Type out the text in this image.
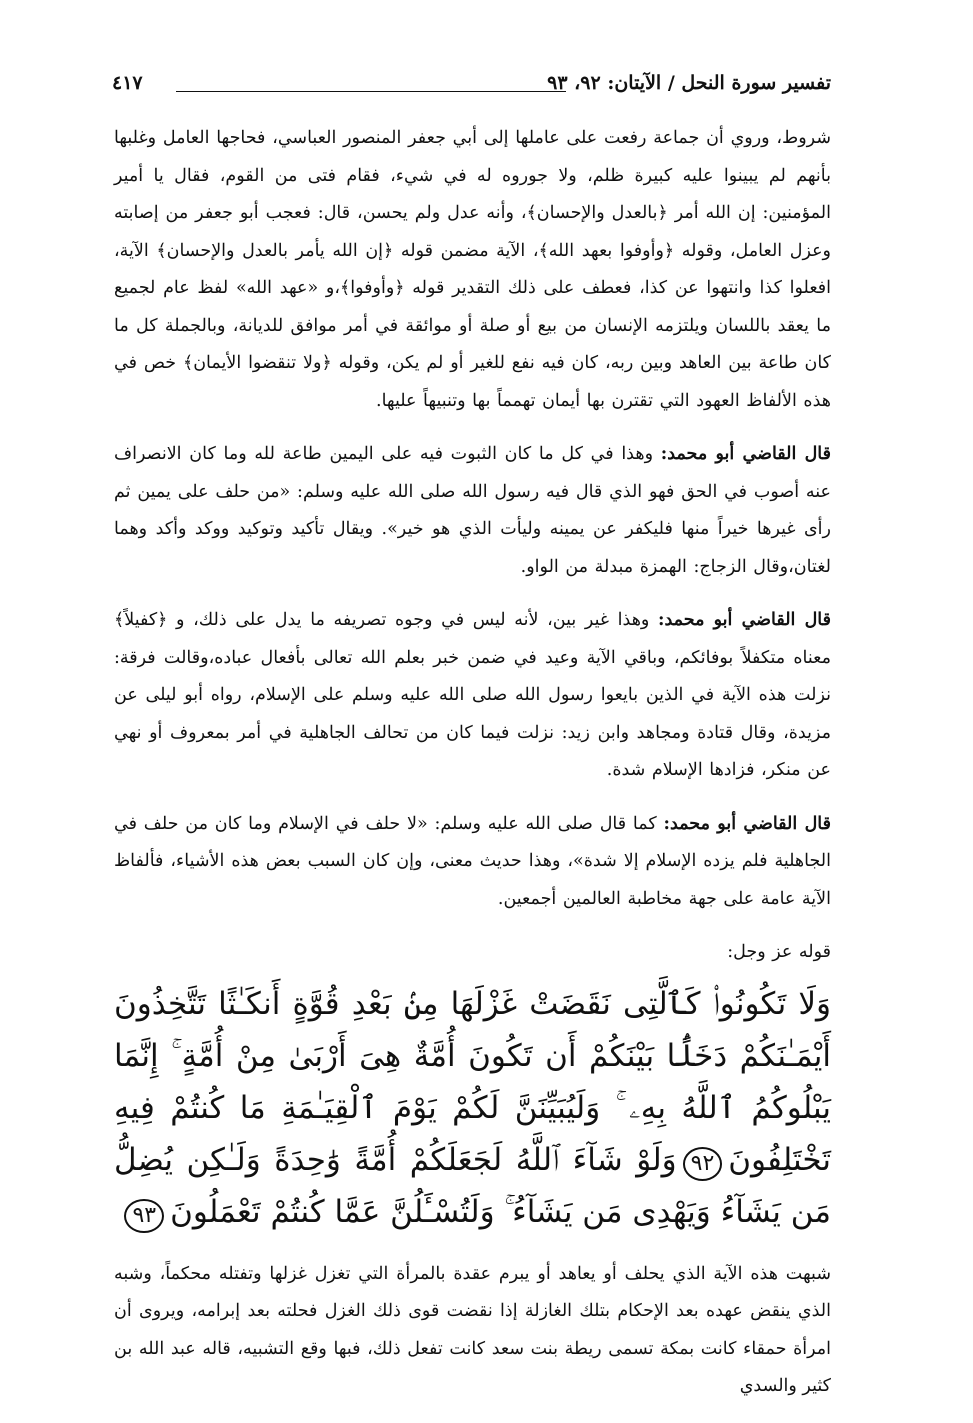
تفسير سورة النحل / الآيتان: ٩٢، ٩٣
٤١٧

شروط، وروي أن جماعة رفعت على عاملها إلى أبي جعفر المنصور العباسي، فحاجها العامل وغلبها بأنهم لم يبينوا عليه كبيرة ظلم، ولا جوروه له في شيء، فقام فتى من القوم، فقال يا أمير المؤمنين: إن الله أمر ﴿بالعدل والإحسان﴾، وأنه عدل ولم يحسن، قال: فعجب أبو جعفر من إصابته وعزل العامل، وقوله ﴿وأوفوا بعهد الله﴾، الآية مضمن قوله ﴿إن الله يأمر بالعدل والإحسان﴾ الآية، افعلوا كذا وانتهوا عن كذا، فعطف على ذلك التقدير قوله ﴿وأوفوا﴾،و «عهد الله» لفظ عام لجميع ما يعقد باللسان ويلتزمه الإنسان من بيع أو صلة أو موائقة في أمر موافق للديانة، وبالجملة كل ما كان طاعة بين العاهد وبين ربه، كان فيه نفع للغير أو لم يكن، وقوله ﴿ولا تنقضوا الأيمان﴾ خص في هذه الألفاظ العهود التي تقترن بها أيمان تهمماً بها وتنبيهاً عليها.

قال القاضي أبو محمد: وهذا في كل ما كان الثبوت فيه على اليمين طاعة لله وما كان الانصراف عنه أصوب في الحق فهو الذي قال فيه رسول الله صلى الله عليه وسلم: «من حلف على يمين ثم رأى غيرها خيراً منها فليكفر عن يمينه وليأت الذي هو خير». ويقال تأكيد وتوكيد ووكد وأكد وهما لغتان،وقال الزجاج: الهمزة مبدلة من الواو.

قال القاضي أبو محمد: وهذا غير بين، لأنه ليس في وجوه تصريفه ما يدل على ذلك، و ﴿كفيلاً﴾ معناه متكفلاً بوفائكم، وباقي الآية وعيد في ضمن خبر بعلم الله تعالى بأفعال عباده،وقالت فرقة: نزلت هذه الآية في الذين بايعوا رسول الله صلى الله عليه وسلم على الإسلام، رواه أبو ليلى عن مزيدة، وقال قتادة ومجاهد وابن زيد: نزلت فيما كان من تحالف الجاهلية في أمر بمعروف أو نهي عن منكر، فزادها الإسلام شدة.

قال القاضي أبو محمد: كما قال صلى الله عليه وسلم: «لا حلف في الإسلام وما كان من حلف في الجاهلية فلم يزده الإسلام إلا شدة»، وهذا حديث معنى، وإن كان السبب بعض هذه الأشياء، فألفاظ الآية عامة على جهة مخاطبة العالمين أجمعين.

قوله عز وجل:

وَلَا تَكُونُوا۟ كَٱلَّتِى نَقَضَتْ غَزْلَهَا مِنۢ بَعْدِ قُوَّةٍ أَنكَـٰثًا تَتَّخِذُونَ أَيْمَـٰنَكُمْ دَخَلًۢا بَيْنَكُمْ أَن تَكُونَ أُمَّةٌ هِىَ أَرْبَىٰ مِنْ أُمَّةٍ ۚ إِنَّمَا يَبْلُوكُمُ ٱللَّهُ بِهِۦ ۚ وَلَيُبَيِّنَنَّ لَكُمْ يَوْمَ ٱلْقِيَـٰمَةِ مَا كُنتُمْ فِيهِ تَخْتَلِفُونَ٩٢وَلَوْ شَآءَ ٱللَّهُ لَجَعَلَكُمْ أُمَّةً وَٰحِدَةً وَلَـٰكِن يُضِلُّ مَن يَشَآءُ وَيَهْدِى مَن يَشَآءُ ۚ وَلَتُسْـَٔلُنَّ عَمَّا كُنتُمْ تَعْمَلُونَ٩٣

شبهت هذه الآية الذي يحلف أو يعاهد أو يبرم عقدة بالمرأة التي تغزل غزلها وتفتله محكماً، وشبه الذي ينقض عهده بعد الإحكام بتلك الغازلة إذا نقضت قوى ذلك الغزل فحلته بعد إبرامه، ويروى أن امرأة حمقاء كانت بمكة تسمى ريطة بنت سعد كانت تفعل ذلك، فبها وقع التشبيه، قاله عبد الله بن كثير والسدي
